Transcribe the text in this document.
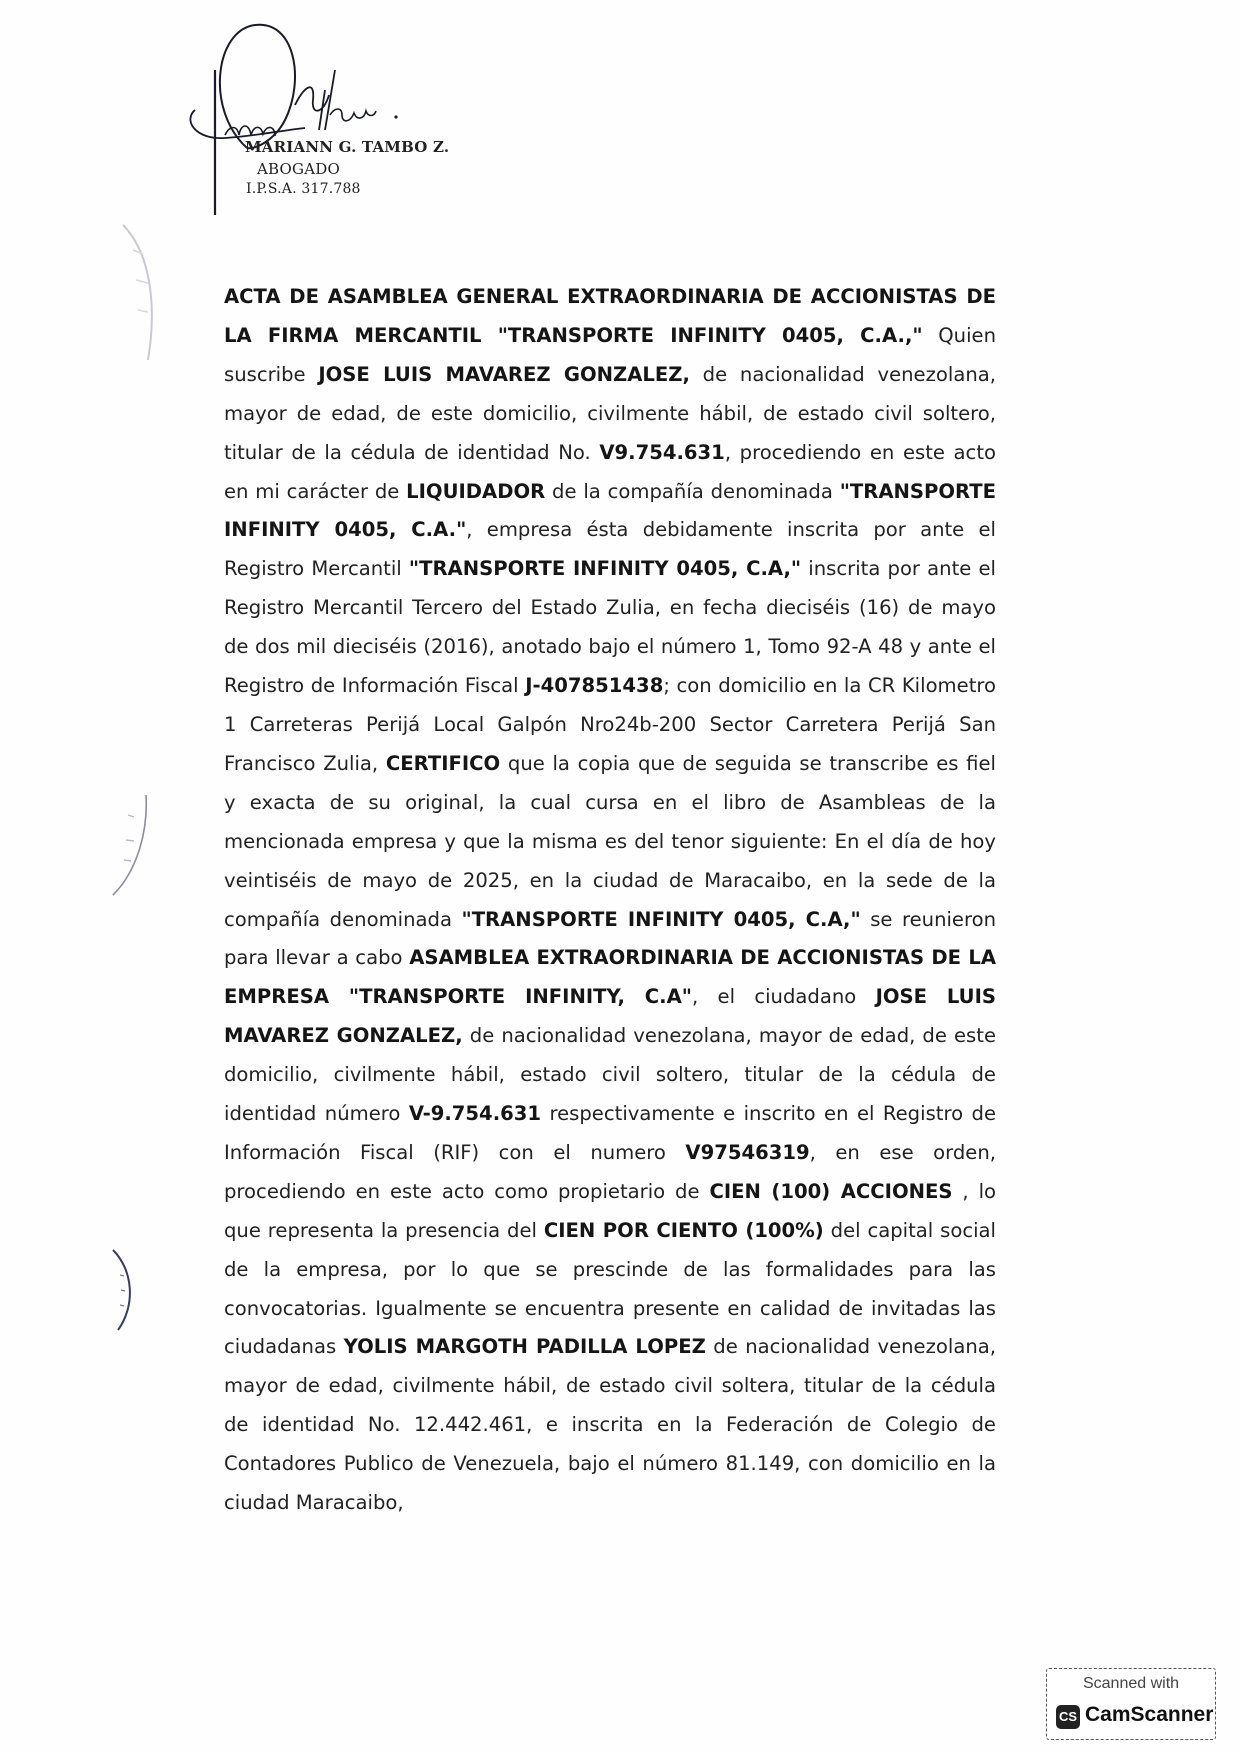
MARIANN G. TAMBO Z.
ABOGADO
I.P.S.A. 317.788

ACTA DE ASAMBLEA GENERAL EXTRAORDINARIA DE ACCIONISTAS DE LA FIRMA MERCANTIL "TRANSPORTE INFINITY 0405, C.A.," Quien suscribe JOSE LUIS MAVAREZ GONZALEZ, de nacionalidad venezolana, mayor de edad, de este domicilio, civilmente hábil, de estado civil soltero, titular de la cédula de identidad No. V9.754.631, procediendo en este acto en mi carácter de LIQUIDADOR de la compañía denominada "TRANSPORTE INFINITY 0405, C.A.", empresa ésta debidamente inscrita por ante el Registro Mercantil "TRANSPORTE INFINITY 0405, C.A," inscrita por ante el Registro Mercantil Tercero del Estado Zulia, en fecha dieciséis (16) de mayo de dos mil dieciséis (2016), anotado bajo el número 1, Tomo 92-A 48 y ante el Registro de Información Fiscal J-407851438; con domicilio en la CR Kilometro 1 Carreteras Perijá Local Galpón Nro24b-200 Sector Carretera Perijá San Francisco Zulia, CERTIFICO que la copia que de seguida se transcribe es fiel y exacta de su original, la cual cursa en el libro de Asambleas de la mencionada empresa y que la misma es del tenor siguiente: En el día de hoy veintiséis de mayo de 2025, en la ciudad de Maracaibo, en la sede de la compañía denominada "TRANSPORTE INFINITY 0405, C.A," se reunieron para llevar a cabo ASAMBLEA EXTRAORDINARIA DE ACCIONISTAS DE LA EMPRESA "TRANSPORTE INFINITY, C.A", el ciudadano JOSE LUIS MAVAREZ GONZALEZ, de nacionalidad venezolana, mayor de edad, de este domicilio, civilmente hábil, estado civil soltero, titular de la cédula de identidad número V-9.754.631 respectivamente e inscrito en el Registro de Información Fiscal (RIF) con el numero V97546319, en ese orden, procediendo en este acto como propietario de CIEN (100) ACCIONES , lo que representa la presencia del CIEN POR CIENTO (100%) del capital social de la empresa, por lo que se prescinde de las formalidades para las convocatorias. Igualmente se encuentra presente en calidad de invitadas las ciudadanas YOLIS MARGOTH PADILLA LOPEZ de nacionalidad venezolana, mayor de edad, civilmente hábil, de estado civil soltera, titular de la cédula de identidad No. 12.442.461, e inscrita en la Federación de Colegio de Contadores Publico de Venezuela, bajo el número 81.149, con domicilio en la ciudad Maracaibo,

Scanned with
CS CamScanner
